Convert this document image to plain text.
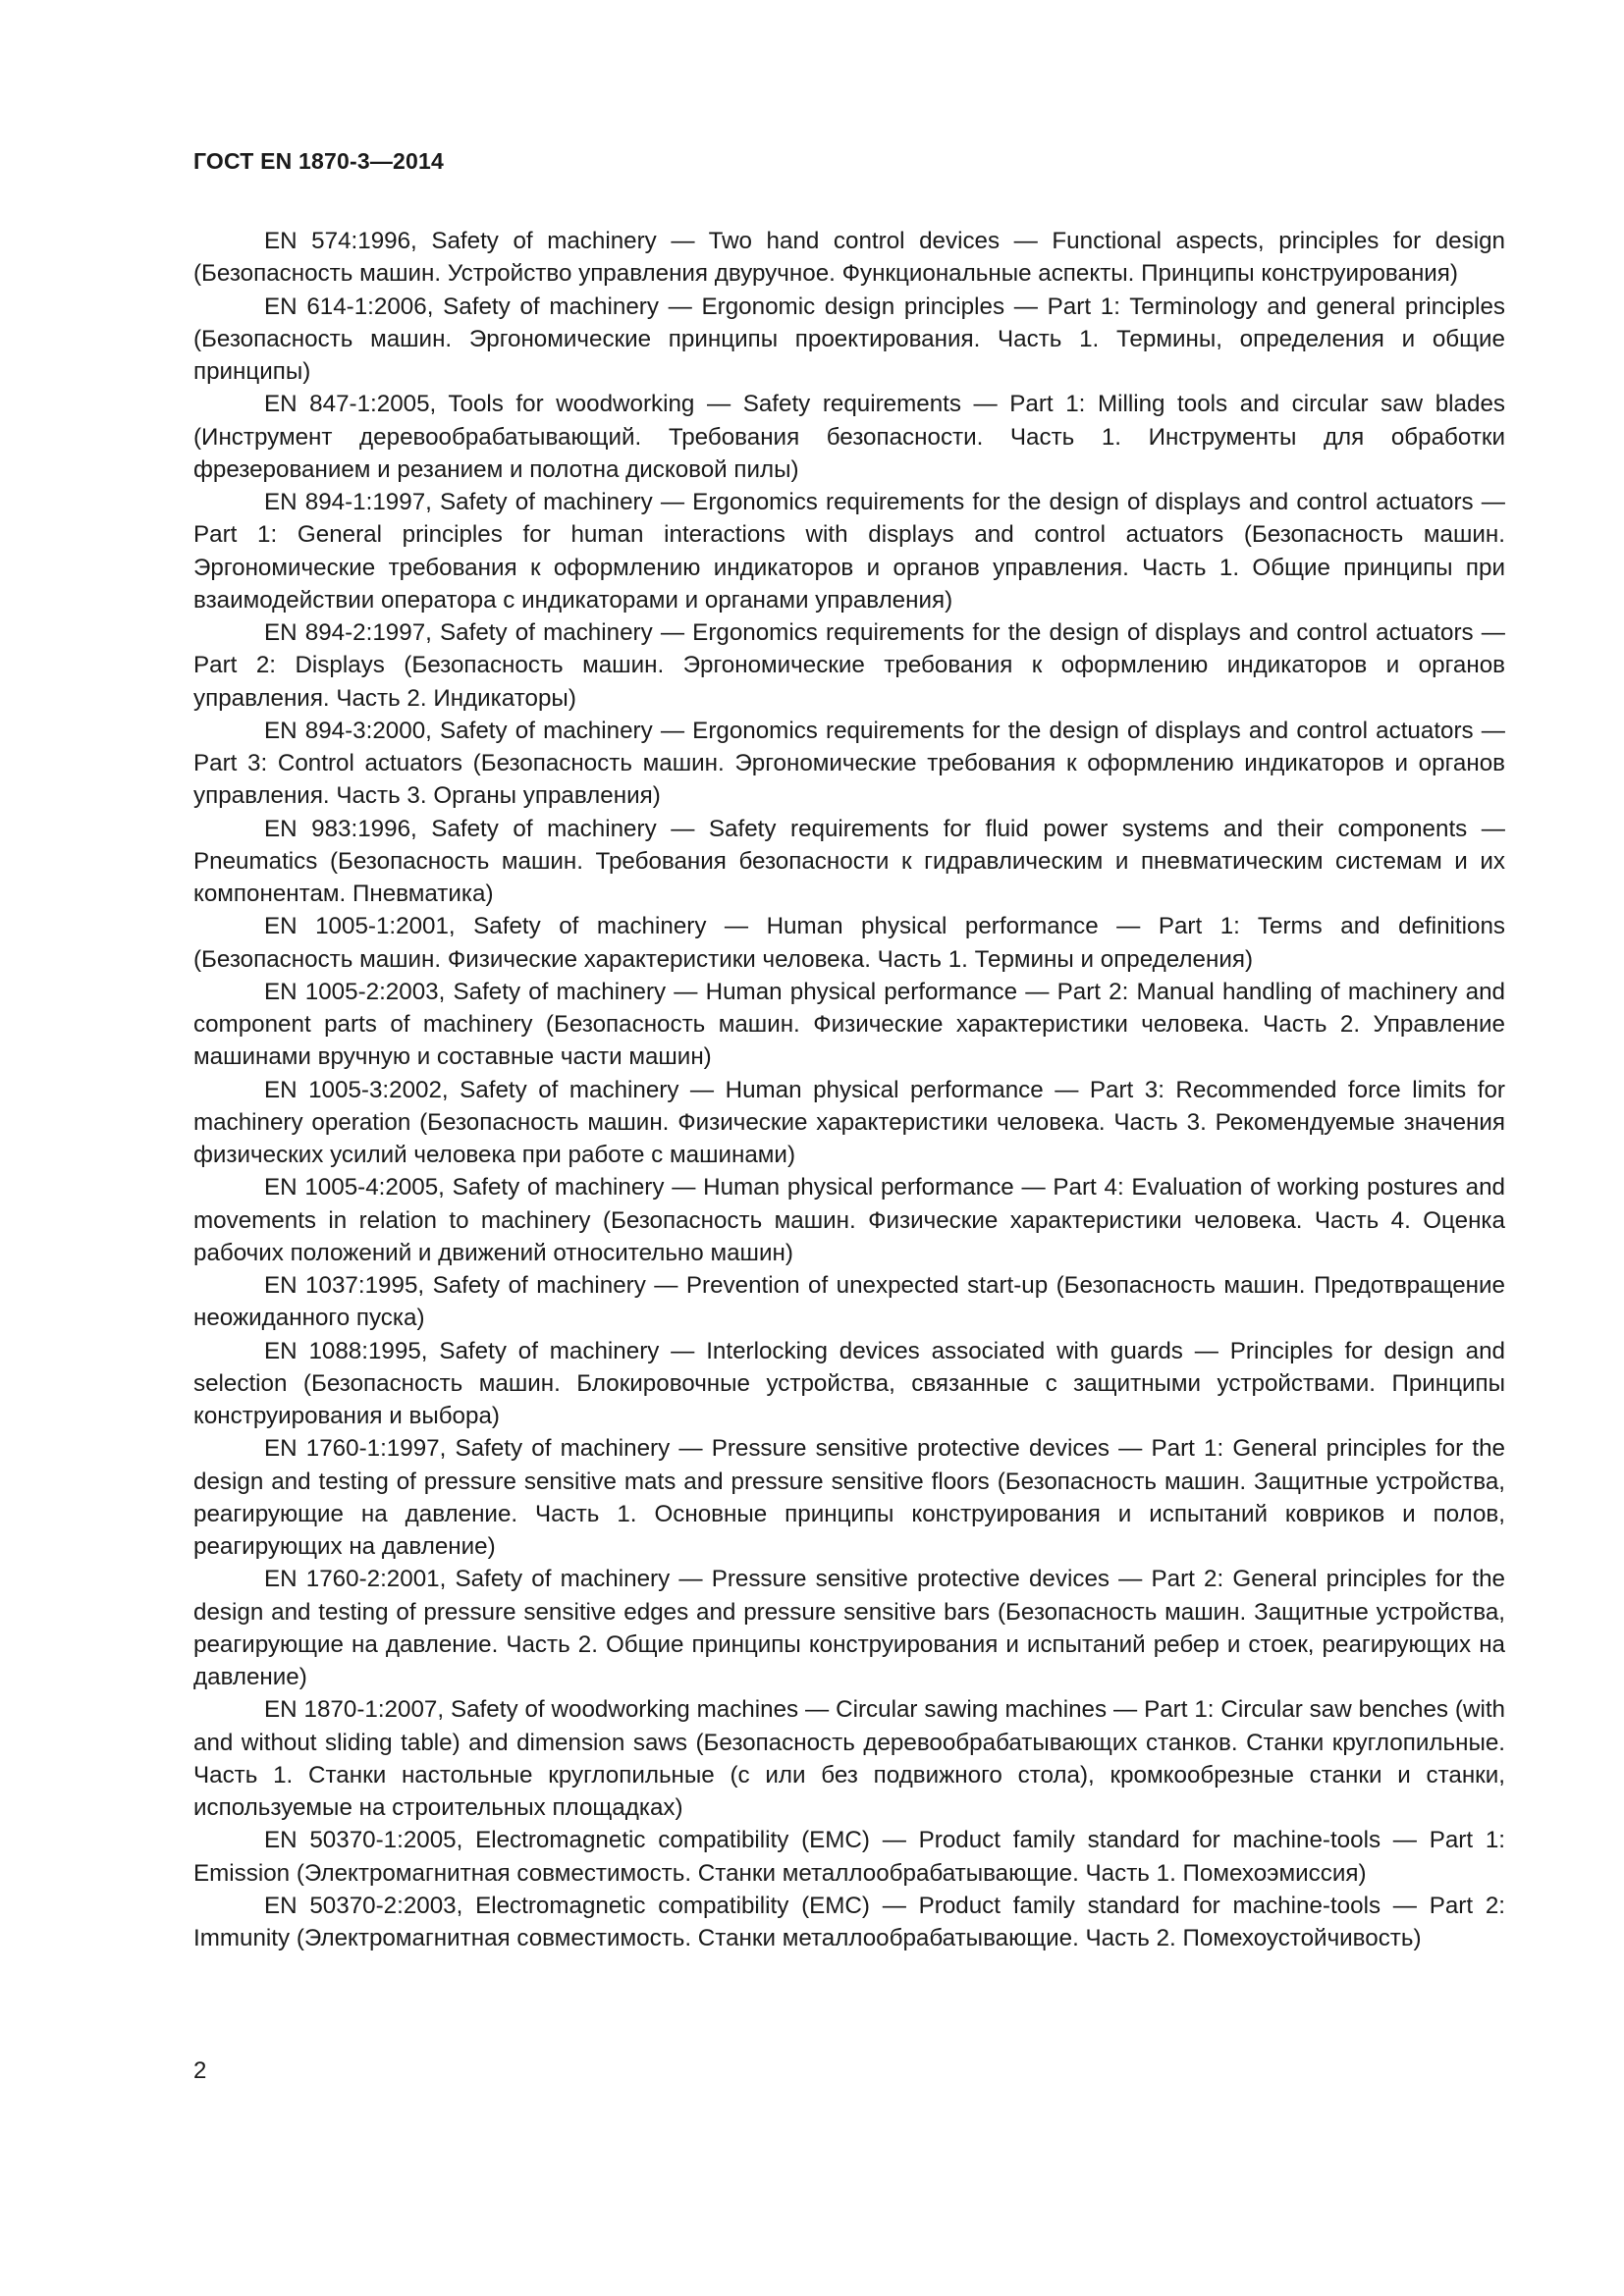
ГОСТ EN 1870-3—2014

EN 574:1996, Safety of machinery — Two hand control devices — Functional aspects, principles for design (Безопасность машин. Устройство управления двуручное. Функциональные аспекты. Принципы конструирования)

EN 614-1:2006, Safety of machinery — Ergonomic design principles — Part 1: Terminology and general principles (Безопасность машин. Эргономические принципы проектирования. Часть 1. Термины, определения и общие принципы)

EN 847-1:2005, Tools for woodworking — Safety requirements — Part 1: Milling tools and circular saw blades (Инструмент деревообрабатывающий. Требования безопасности. Часть 1. Инструменты для обработки фрезерованием и резанием и полотна дисковой пилы)

EN 894-1:1997, Safety of machinery — Ergonomics requirements for the design of displays and control actuators — Part 1: General principles for human interactions with displays and control actuators (Безопасность машин. Эргономические требования к оформлению индикаторов и органов управления. Часть 1. Общие принципы при взаимодействии оператора с индикаторами и органами управления)

EN 894-2:1997, Safety of machinery — Ergonomics requirements for the design of displays and control actuators — Part 2: Displays (Безопасность машин. Эргономические требования к оформлению индикаторов и органов управления. Часть 2. Индикаторы)

EN 894-3:2000, Safety of machinery — Ergonomics requirements for the design of displays and control actuators — Part 3: Control actuators (Безопасность машин. Эргономические требования к оформлению индикаторов и органов управления. Часть 3. Органы управления)

EN 983:1996, Safety of machinery — Safety requirements for fluid power systems and their components — Pneumatics (Безопасность машин. Требования безопасности к гидравлическим и пневматическим системам и их компонентам. Пневматика)

EN 1005-1:2001, Safety of machinery — Human physical performance — Part 1: Terms and definitions (Безопасность машин. Физические характеристики человека. Часть 1. Термины и определения)

EN 1005-2:2003, Safety of machinery — Human physical performance — Part 2: Manual handling of machinery and component parts of machinery (Безопасность машин. Физические характеристики человека. Часть 2. Управление машинами вручную и составные части машин)

EN 1005-3:2002, Safety of machinery — Human physical performance — Part 3: Recommended force limits for machinery operation (Безопасность машин. Физические характеристики человека. Часть 3. Рекомендуемые значения физических усилий человека при работе с машинами)

EN 1005-4:2005, Safety of machinery — Human physical performance — Part 4: Evaluation of working postures and movements in relation to machinery (Безопасность машин. Физические характеристики человека. Часть 4. Оценка рабочих положений и движений относительно машин)

EN 1037:1995, Safety of machinery — Prevention of unexpected start-up (Безопасность машин. Предотвращение неожиданного пуска)

EN 1088:1995, Safety of machinery — Interlocking devices associated with guards — Principles for design and selection (Безопасность машин. Блокировочные устройства, связанные с защитными устройствами. Принципы конструирования и выбора)

EN 1760-1:1997, Safety of machinery — Pressure sensitive protective devices — Part 1: General principles for the design and testing of pressure sensitive mats and pressure sensitive floors (Безопасность машин. Защитные устройства, реагирующие на давление. Часть 1. Основные принципы конструирования и испытаний ковриков и полов, реагирующих на давление)

EN 1760-2:2001, Safety of machinery — Pressure sensitive protective devices — Part 2: General principles for the design and testing of pressure sensitive edges and pressure sensitive bars (Безопасность машин. Защитные устройства, реагирующие на давление. Часть 2. Общие принципы конструирования и испытаний ребер и стоек, реагирующих на давление)

EN 1870-1:2007, Safety of woodworking machines — Circular sawing machines — Part 1: Circular saw benches (with and without sliding table) and dimension saws (Безопасность деревообрабатывающих станков. Станки круглопильные. Часть 1. Станки настольные круглопильные (с или без подвижного стола), кромкообрезные станки и станки, используемые на строительных площадках)

EN 50370-1:2005, Electromagnetic compatibility (EMC) — Product family standard for machine-tools — Part 1: Emission (Электромагнитная совместимость. Станки металлообрабатывающие. Часть 1. Помехоэмиссия)

EN 50370-2:2003, Electromagnetic compatibility (EMC) — Product family standard for machine-tools — Part 2: Immunity (Электромагнитная совместимость. Станки металлообрабатывающие. Часть 2. Помехоустойчивость)

2
